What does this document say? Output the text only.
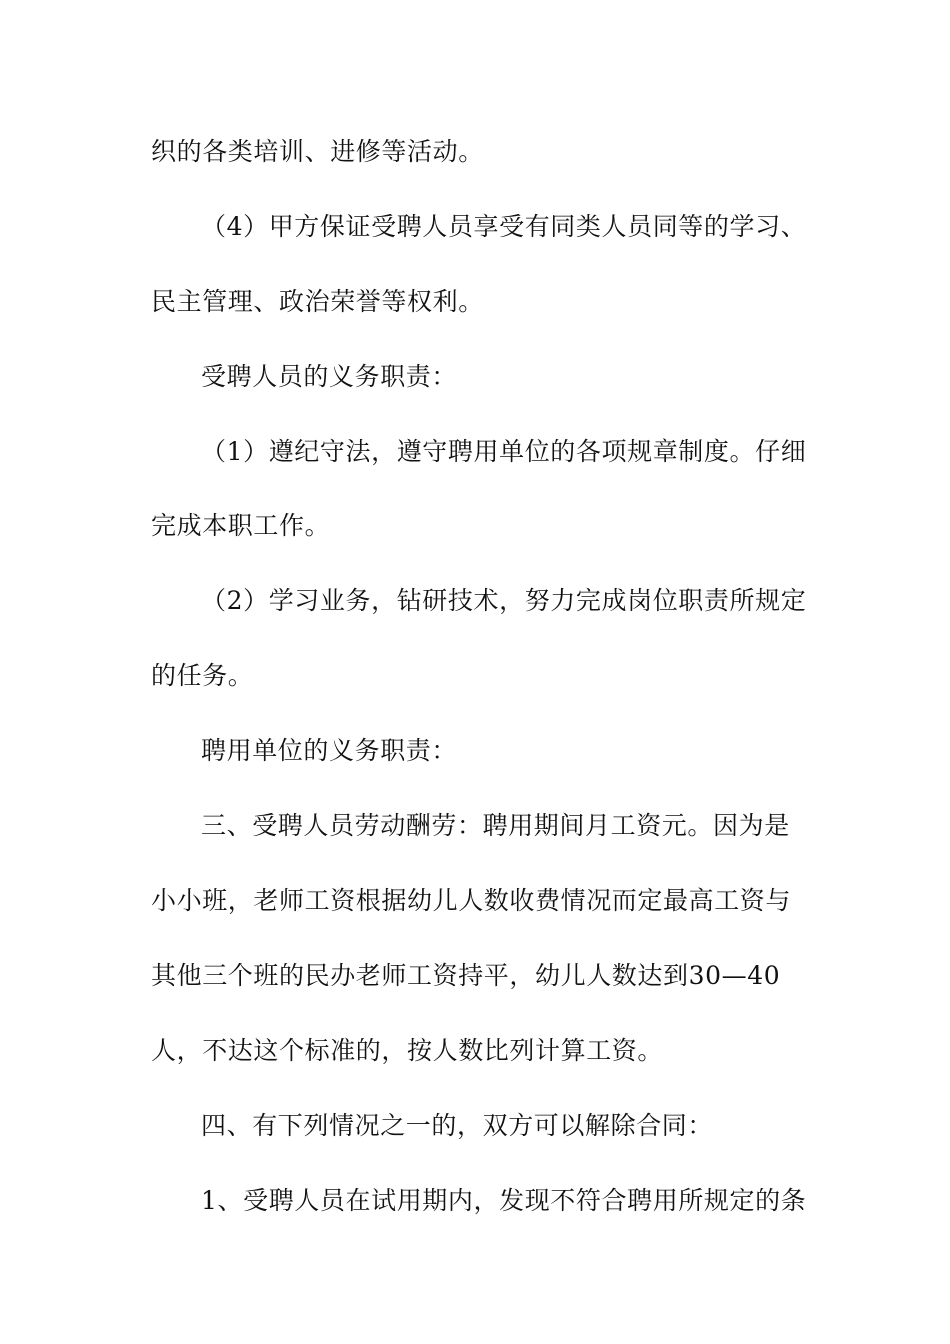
织的各类培训、进修等活动。
（4）甲方保证受聘人员享受有同类人员同等的学习、
民主管理、政治荣誉等权利。
受聘人员的义务职责：
（1）遵纪守法，遵守聘用单位的各项规章制度。仔细
完成本职工作。
（2）学习业务，钻研技术，努力完成岗位职责所规定
的任务。
聘用单位的义务职责：
三、受聘人员劳动酬劳：聘用期间月工资元。因为是
小小班，老师工资根据幼儿人数收费情况而定最高工资与
其他三个班的民办老师工资持平，幼儿人数达到30—40
人，不达这个标准的，按人数比列计算工资。
四、有下列情况之一的，双方可以解除合同：
1、受聘人员在试用期内，发现不符合聘用所规定的条
